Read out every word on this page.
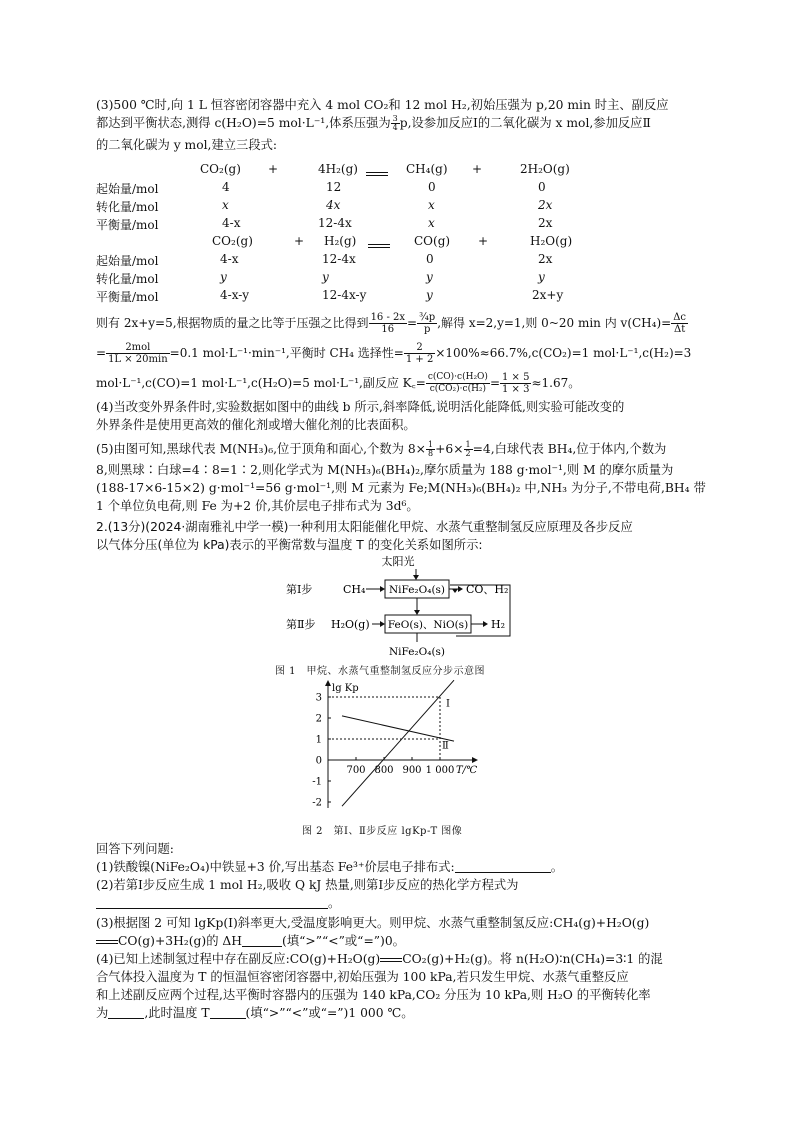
(3)500 ℃时,向 1 L 恒容密闭容器中充入 4 mol CO₂和 12 mol H₂,初始压强为 p,20 min 时主、副反应
都达到平衡状态,测得 c(H₂O)=5 mol·L⁻¹,体系压强为 $\frac{3}{4} p$,设参加反应Ⅰ的二氧化碳为 x mol,参加反应Ⅱ
的二氧化碳为 y mol,建立三段式:
CO₂(g) +	4H₂(g)	CH₄(g) +	2H₂O(g)
起始量/mol	4	12	0	0
转化量/mol	x	4x	x	2x
平衡量/mol	4-x	12-4x	x	2x
CO₂(g)	+ H₂(g)	CO(g) +	H₂O(g)
起始量/mol	4-x	12-4x	0	2x
转化量/mol	y	y	y	y
平衡量/mol	4-x-y	12-4x-y	y	2x+y
则有 2x+y=5,根据物质的量之比等于压强之比得到 $\frac{16 - 2x}{16} = \frac{\text{¾p}}{p}$ ,解得 x=2,y=1,则 0~20 min 内 $v(CH_4)= \frac{\Delta c}{\Delta t}$
= $\frac{\text{2mol}}{1L \times 20\min} =0.1$ mol·L⁻¹·min⁻¹,平衡时 CH₄ 选择性= $\frac{2}{1 + 2} \times 100\%\approx 66.7\%,c(CO_2)=1$ mol·L⁻¹,c(H₂)=3
mol·L⁻¹,c(CO)=1 mol·L⁻¹,c(H₂O)=5 mol·L⁻¹,副反应 K꜀= $\frac{\text{c(CO)·c(H₂O)}}{\text{c(CO₂)·c(H₂)}} = \frac{1 \times 5}{1 \times 3} \approx 1.67$。
(4)当改变外界条件时,实验数据如图中的曲线 b 所示,斜率降低,说明活化能降低,则实验可能改变的
外界条件是使用更高效的催化剂或增大催化剂的比表面积。
(5)由图可知,黑球代表 M(NH₃)₆,位于顶角和面心,个数为 $8\times \frac{1}{8} +6\times \frac{1}{2} =4$,白球代表 BH₄,位于体内,个数为
8,则黑球∶白球=4∶8=1∶2,则化学式为 M(NH₃)₆(BH₄)₂,摩尔质量为 188 g·mol⁻¹,则 M 的摩尔质量为
(188-17×6-15×2) g·mol⁻¹=56 g·mol⁻¹,则 M 元素为 Fe;M(NH₃)₆(BH₄)₂ 中,NH₃ 为分子,不带电荷,BH₄ 带
1 个单位负电荷,则 Fe 为+2 价,其价层电子排布式为 3d⁶。
2.(13分)(2024·湖南雅礼中学一模)一种利用太阳能催化甲烷、水蒸气重整制氢反应原理及各步反应
以气体分压(单位为 kPa)表示的平衡常数与温度 T 的变化关系如图所示:
太阳光
第Ⅰ步	CH₄ NiFe₂O₄(s) CO、H₂
第Ⅱ步 H₂O(g) FeO(s)、NiO(s) H₂
NiFe₂O₄(s)
图 1　甲烷、水蒸气重整制氢反应分步示意图
lg Kp
T/℃
3
2
1
0
-1
-2
700 800 900 1 000
Ⅰ
Ⅱ
图 2　第Ⅰ、Ⅱ步反应 lgKp-T 图像
回答下列问题:
(1)铁酸镍(NiFe₂O₄)中铁显+3 价,写出基态 Fe³⁺价层电子排布式:	。
(2)若第Ⅰ步反应生成 1 mol H₂,吸收 Q kJ 热量,则第Ⅰ步反应的热化学方程式为
。
(3)根据图 2 可知 lgKp(Ⅰ)斜率更大,受温度影响更大。则甲烷、水蒸气重整制氢反应:CH₄(g)+H₂O(g)
CO(g)+3H₂(g)的 ΔH	(填“>”“<”或“=”)0。
(4)已知上述制氢过程中存在副反应:CO(g)+H₂O(g) CO₂(g)+H₂(g)。将 n(H₂O)∶n(CH₄)=3∶1 的混
合气体投入温度为 T 的恒温恒容密闭容器中,初始压强为 100 kPa,若只发生甲烷、水蒸气重整反应
和上述副反应两个过程,达平衡时容器内的压强为 140 kPa,CO₂ 分压为 10 kPa,则 H₂O 的平衡转化率
为	,此时温度 T	(填“>”“<”或“=”)1 000 ℃。
